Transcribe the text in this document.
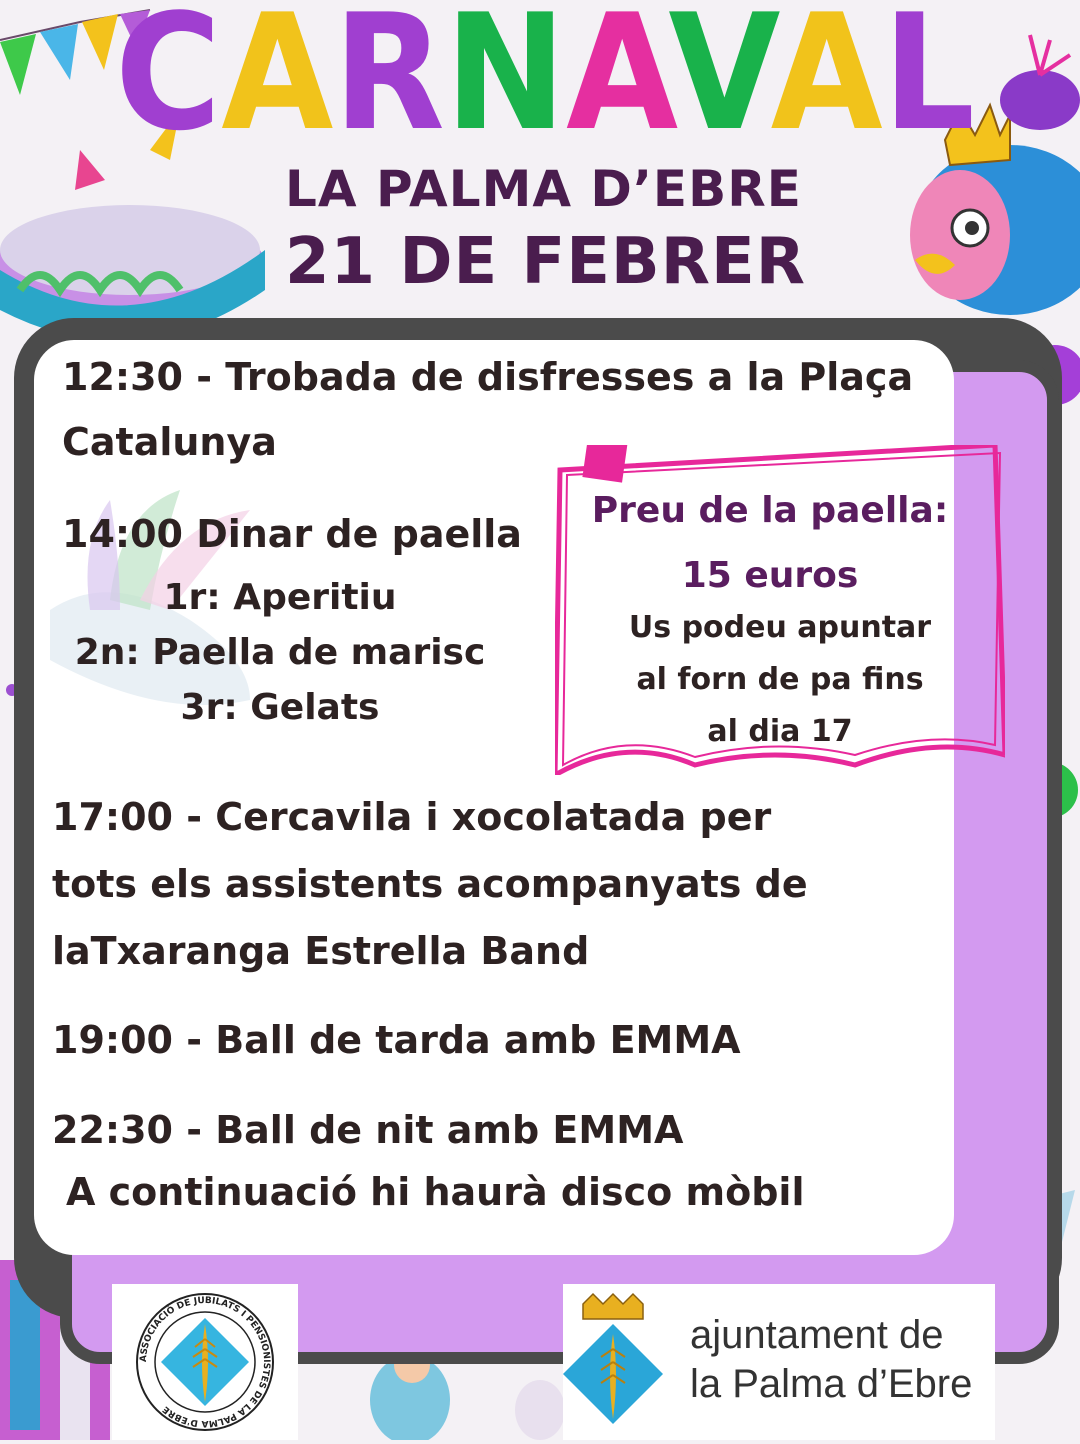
CARNAVAL
LA PALMA D’EBRE
21 DE FEBRER
12:30 - Trobada de disfresses a la Plaça
Catalunya
14:00 Dinar de paella
1r: Aperitiu
2n: Paella de marisc
3r: Gelats
17:00 - Cercavila i xocolatada per
tots els assistents acompanyats de
laTxaranga Estrella Band
19:00 - Ball de tarda amb EMMA
22:30 - Ball de nit amb EMMA
A continuació hi haurà disco mòbil
Preu de la paella:
15 euros
Us podeu apuntar
al forn de pa fins
al dia 17
ASSOCIACIÓ DE JUBILATS I PENSIONISTES DE LA PALMA D'EBRE
ajuntament de
la Palma d’Ebre
